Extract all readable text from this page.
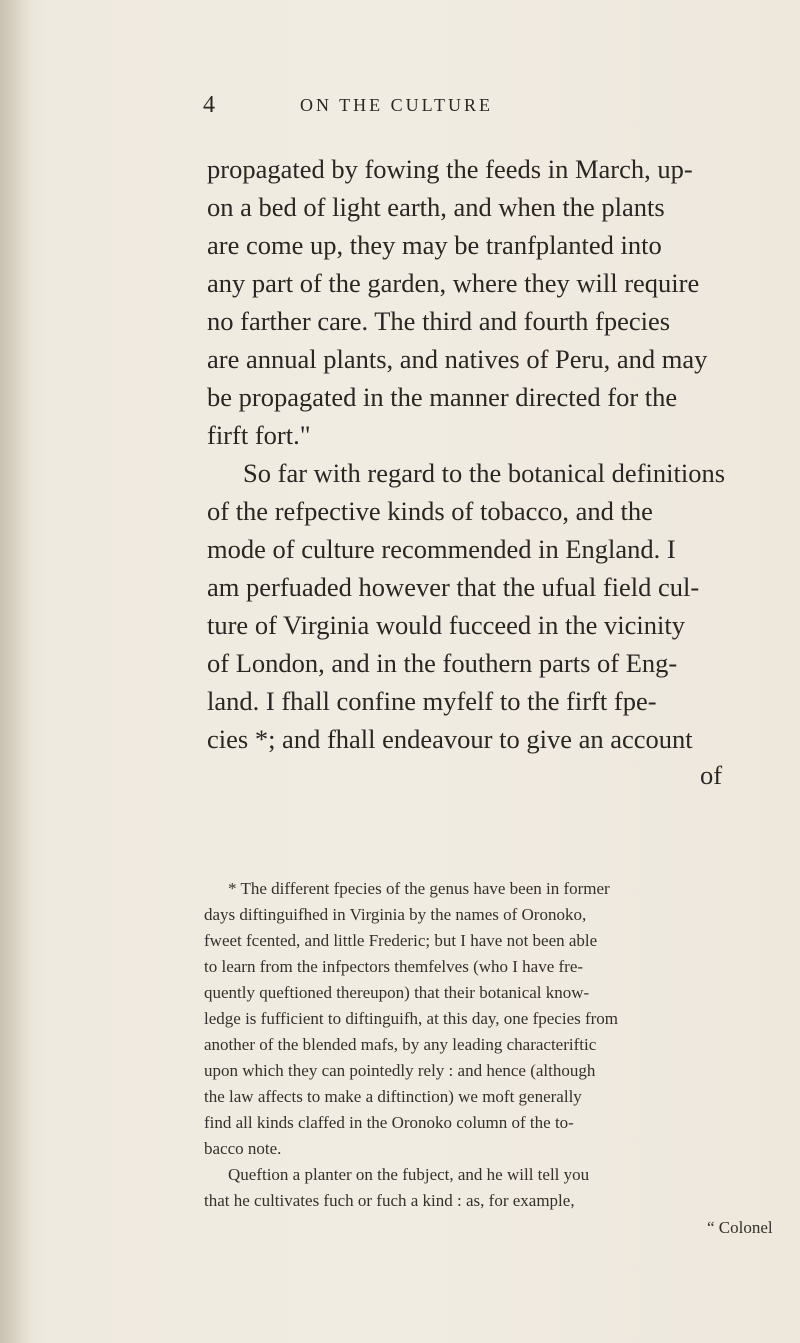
4	ON THE CULTURE
propagated by fowing the feeds in March, up-
on a bed of light earth, and when the plants
are come up, they may be tranfplanted into
any part of the garden, where they will require
no farther care. The third and fourth fpecies
are annual plants, and natives of Peru, and may
be propagated in the manner directed for the
firft fort."
So far with regard to the botanical definitions
of the refpective kinds of tobacco, and the
mode of culture recommended in England. I
am perfuaded however that the ufual field cul-
ture of Virginia would fucceed in the vicinity
of London, and in the fouthern parts of Eng-
land. I fhall confine myfelf to the firft fpe-
cies *; and fhall endeavour to give an account
of
* The different fpecies of the genus have been in former
days diftinguifhed in Virginia by the names of Oronoko,
fweet fcented, and little Frederic; but I have not been able
to learn from the infpectors themfelves (who I have fre-
quently queftioned thereupon) that their botanical know-
ledge is fufficient to diftinguifh, at this day, one fpecies from
another of the blended mafs, by any leading characteriftic
upon which they can pointedly rely : and hence (although
the law affects to make a diftinction) we moft generally
find all kinds claffed in the Oronoko column of the to-
bacco note.
Queftion a planter on the fubject, and he will tell you
that he cultivates fuch or fuch a kind : as, for example,
“ Colonel
